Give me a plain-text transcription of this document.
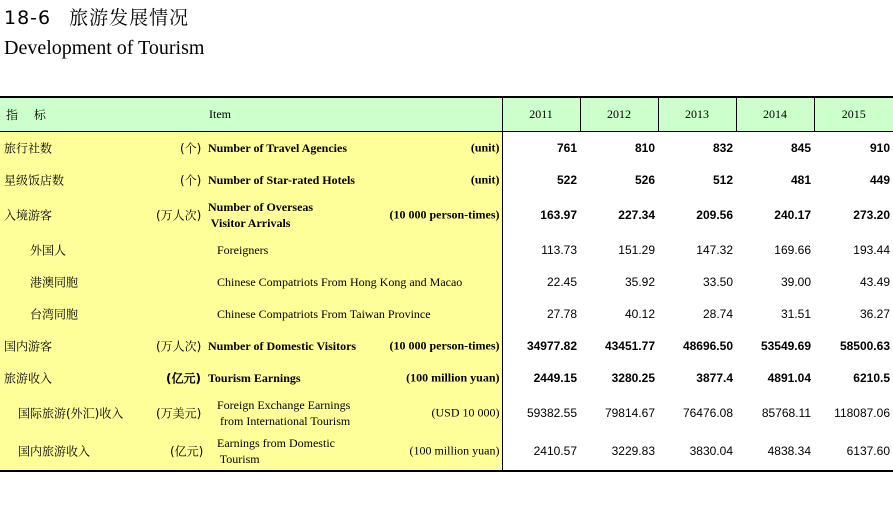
18-6 旅游发展情况
Development of Tourism
指 标	Item	2011	2012	2013	2014	2015

旅行社数 (个) Number of Travel Agencies (unit)		761	810	832	845	910

星级饭店数 (个) Number of Star-rated Hotels (unit)		522	526	512	481	449

入境游客 (万人次)
Number of Overseas
Visitor Arrivals
(10 000 person-times)		163.97	227.34	209.56	240.17	273.20

外国人 Foreigners		113.73	151.29	147.32	169.66	193.44

港澳同胞 Chinese Compatriots From Hong Kong and Macao		22.45	35.92	33.50	39.00	43.49

台湾同胞 Chinese Compatriots From Taiwan Province		27.78	40.12	28.74	31.51	36.27

国内游客 (万人次) Number of Domestic Visitors (10 000 person-times)		34977.82	43451.77	48696.50	53549.69	58500.63

旅游收入 (亿元) Tourism Earnings (100 million yuan)		2449.15	3280.25	3877.4	4891.04	6210.5

国际旅游(外汇)收入 (万美元)
Foreign Exchange Earnings
from International Tourism
(USD 10 000)		59382.55	79814.67	76476.08	85768.11	118087.06

国内旅游收入 (亿元)
Earnings from Domestic
Tourism
(100 million yuan)		2410.57	3229.83	3830.04	4838.34	6137.60
